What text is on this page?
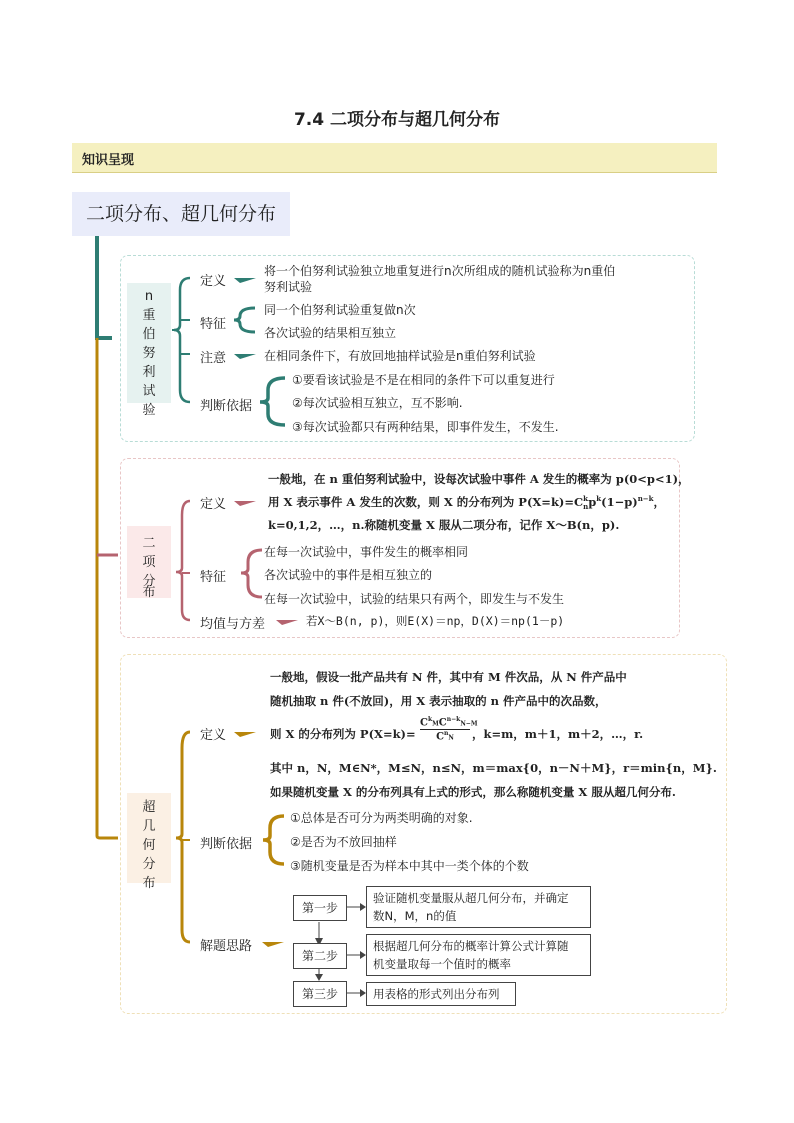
7.4 二项分布与超几何分布
知识呈现
二项分布、超几何分布
n
重
伯
努
利
试
验
定义
将一个伯努利试验独立地重复进行n次所组成的随机试验称为n重伯
努利试验
特征
同一个伯努利试验重复做n次
各次试验的结果相互独立
注意	在相同条件下，有放回地抽样试验是n重伯努利试验
判断依据
①要看该试验是不是在相同的条件下可以重复进行
②每次试验相互独立，互不影响.
③每次试验都只有两种结果，即事件发生，不发生.
二
项
分
布
定义
一般地，在 n 重伯努利试验中，设每次试验中事件 A 发生的概率为 p(0<p<1)，
用 X 表示事件 A 发生的次数，则 X 的分布列为 P(X=k)=C k
n $p^k(1-p)^{n-k}$，
k=0,1,2，…，n.称随机变量 X 服从二项分布，记作 X～B(n，p).
特征
在每一次试验中，事件发生的概率相同
各次试验中的事件是相互独立的
在每一次试验中，试验的结果只有两个，即发生与不发生
均值与方差	若X～B(n, p)，则E(X)＝np，D(X)＝np(1－p)
超
几
何
分
布
定义
一般地，假设一批产品共有 N 件，其中有 M 件次品，从 N 件产品中
随机抽取 n 件(不放回)，用 X 表示抽取的 n 件产品中的次品数，
则 X 的分布列为 P(X=k)=
$C^kMC^{n-k}N-M$
$C^nN$	，k=m，m＋1，m＋2，…，r.
其中 n，N，M∈N*，M≤N，n≤N，m＝max{0，n－N＋M}，r＝min{n，M}.
如果随机变量 X 的分布列具有上式的形式，那么称随机变量 X 服从超几何分布.
判断依据
①总体是否可分为两类明确的对象.
②是否为不放回抽样
③随机变量是否为样本中其中一类个体的个数
解题思路
第一步
验证随机变量服从超几何分布，并确定
数N，M，n的值
第二步
根据超几何分布的概率计算公式计算随
机变量取每一个值时的概率
第三步	用表格的形式列出分布列
